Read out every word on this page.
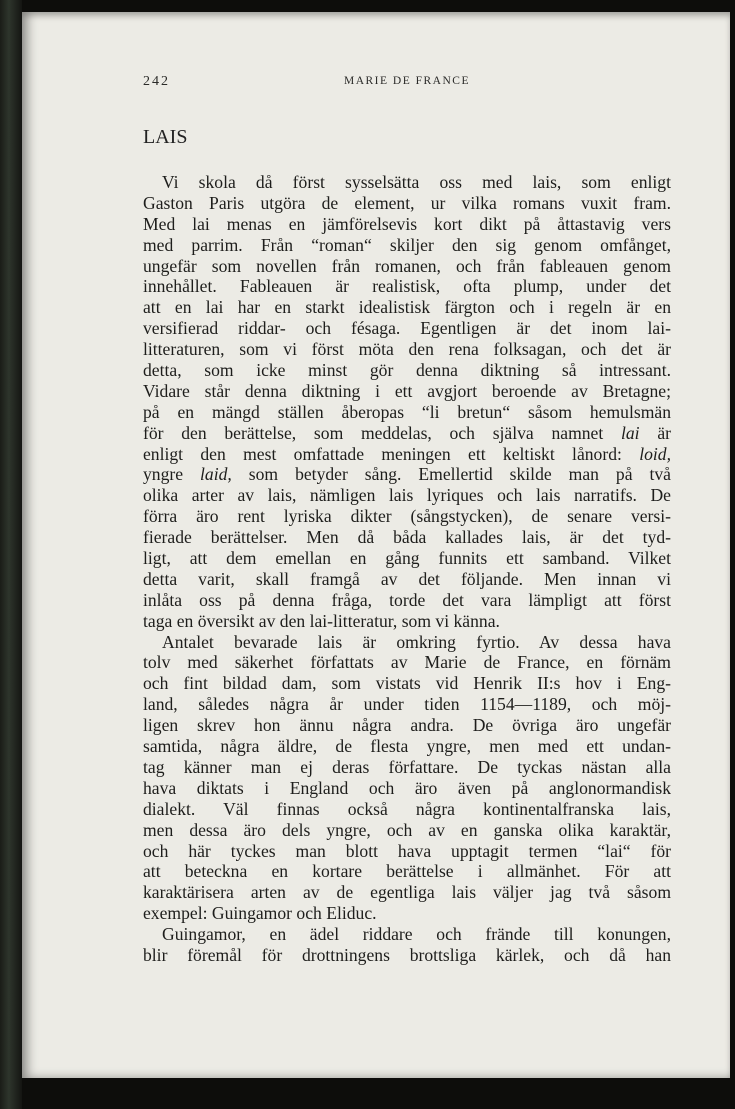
242	MARIE DE FRANCE
LAIS
Vi skola då först sysselsätta oss med lais, som enligt
Gaston Paris utgöra de element, ur vilka romans vuxit fram.
Med lai menas en jämförelsevis kort dikt på åttastavig vers
med parrim. Från “roman“ skiljer den sig genom omfånget,
ungefär som novellen från romanen, och från fableauen genom
innehållet. Fableauen är realistisk, ofta plump, under det
att en lai har en starkt idealistisk färgton och i regeln är en
versifierad riddar- och fésaga. Egentligen är det inom lai-
litteraturen, som vi först möta den rena folksagan, och det är
detta, som icke minst gör denna diktning så intressant.
Vidare står denna diktning i ett avgjort beroende av Bretagne;
på en mängd ställen åberopas “li bretun“ såsom hemulsmän
för den berättelse, som meddelas, och själva namnet lai är
enligt den mest omfattade meningen ett keltiskt lånord: loid,
yngre laid, som betyder sång. Emellertid skilde man på två
olika arter av lais, nämligen lais lyriques och lais narratifs. De
förra äro rent lyriska dikter (sångstycken), de senare versi-
fierade berättelser. Men då båda kallades lais, är det tyd-
ligt, att dem emellan en gång funnits ett samband. Vilket
detta varit, skall framgå av det följande. Men innan vi
inlåta oss på denna fråga, torde det vara lämpligt att först
taga en översikt av den lai-litteratur, som vi känna.
Antalet bevarade lais är omkring fyrtio. Av dessa hava
tolv med säkerhet författats av Marie de France, en förnäm
och fint bildad dam, som vistats vid Henrik II:s hov i Eng-
land, således några år under tiden 1154—1189, och möj-
ligen skrev hon ännu några andra. De övriga äro ungefär
samtida, några äldre, de flesta yngre, men med ett undan-
tag känner man ej deras författare. De tyckas nästan alla
hava diktats i England och äro även på anglonormandisk
dialekt. Väl finnas också några kontinentalfranska lais,
men dessa äro dels yngre, och av en ganska olika karaktär,
och här tyckes man blott hava upptagit termen “lai“ för
att beteckna en kortare berättelse i allmänhet. För att
karaktärisera arten av de egentliga lais väljer jag två såsom
exempel: Guingamor och Eliduc.
Guingamor, en ädel riddare och frände till konungen,
blir föremål för drottningens brottsliga kärlek, och då han
